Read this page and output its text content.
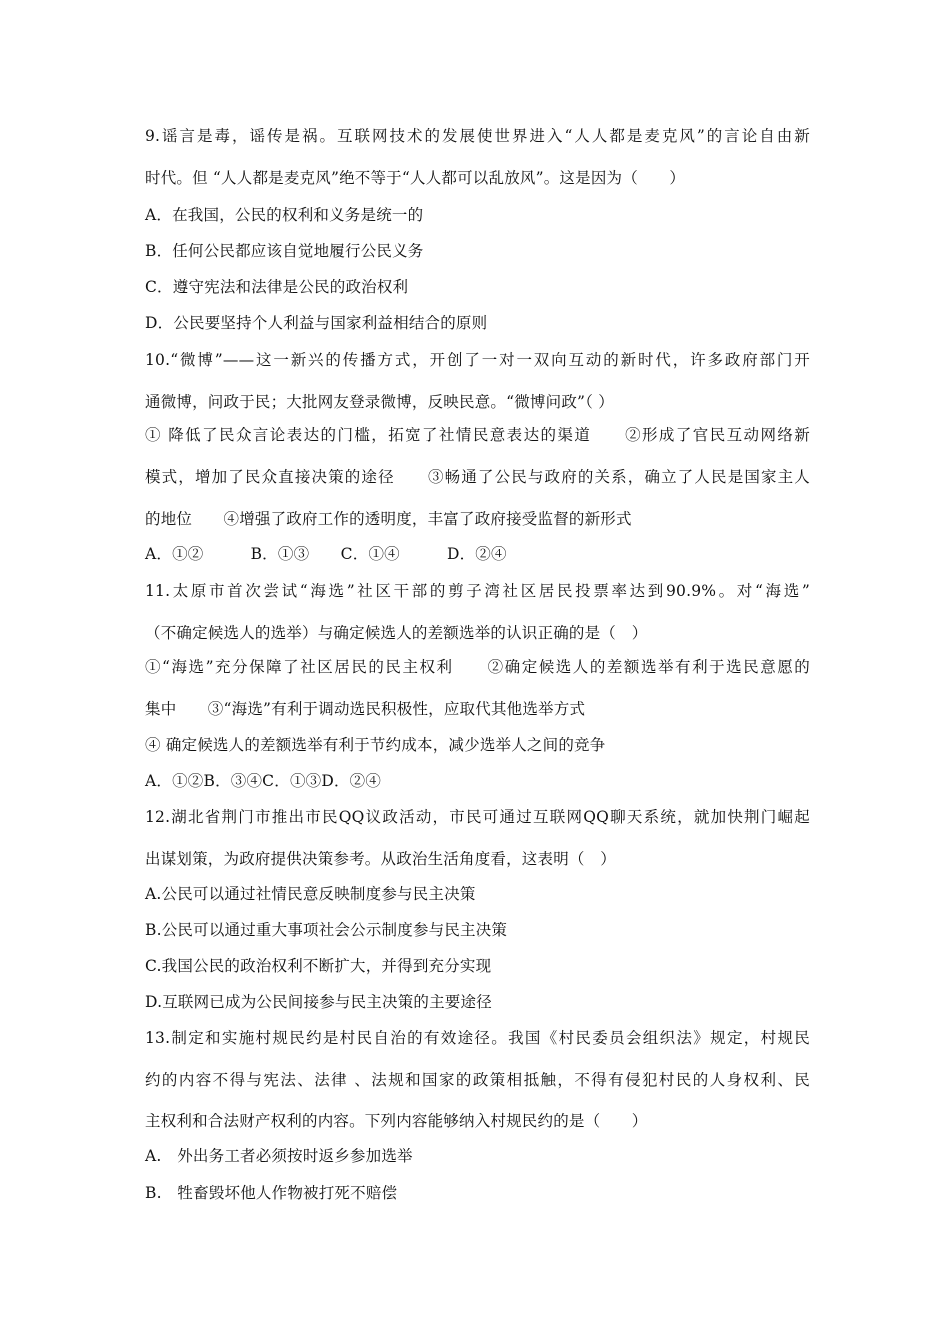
9.谣言是毒，谣传是祸。互联网技术的发展使世界进入“人人都是麦克风”的言论自由新
时代。但 “人人都是麦克风”绝不等于“人人都可以乱放风”。这是因为（　　）
A．在我国，公民的权利和义务是统一的
B．任何公民都应该自觉地履行公民义务
C．遵守宪法和法律是公民的政治权利
D．公民要坚持个人利益与国家利益相结合的原则
10.“微博”——这一新兴的传播方式，开创了一对一双向互动的新时代，许多政府部门开
通微博，问政于民；大批网友登录微博，反映民意。“微博问政”（ ）
① 降低了民众言论表达的门槛，拓宽了社情民意表达的渠道　　②形成了官民互动网络新
模式，增加了民众直接决策的途径　　③畅通了公民与政府的关系，确立了人民是国家主人
的地位　　④增强了政府工作的透明度，丰富了政府接受监督的新形式
A．①②　　　B．①③　　C．①④　　　D．②④
11.太原市首次尝试“海选”社区干部的剪子湾社区居民投票率达到90.9%。对“海选”
（不确定候选人的选举）与确定候选人的差额选举的认识正确的是（　）
①“海选”充分保障了社区居民的民主权利　　②确定候选人的差额选举有利于选民意愿的
集中　　③“海选”有利于调动选民积极性，应取代其他选举方式
④ 确定候选人的差额选举有利于节约成本，减少选举人之间的竞争
A．①②B．③④C．①③D．②④
12.湖北省荆门市推出市民QQ议政活动，市民可通过互联网QQ聊天系统，就加快荆门崛起
出谋划策，为政府提供决策参考。从政治生活角度看，这表明（　）
A.公民可以通过社情民意反映制度参与民主决策
B.公民可以通过重大事项社会公示制度参与民主决策
C.我国公民的政治权利不断扩大，并得到充分实现
D.互联网已成为公民间接参与民主决策的主要途径
13.制定和实施村规民约是村民自治的有效途径。我国《村民委员会组织法》规定，村规民
约的内容不得与宪法、法律 、法规和国家的政策相抵触，不得有侵犯村民的人身权利、民
主权利和合法财产权利的内容。下列内容能够纳入村规民约的是（　　）
A.　外出务工者必须按时返乡参加选举
B.　牲畜毁坏他人作物被打死不赔偿
